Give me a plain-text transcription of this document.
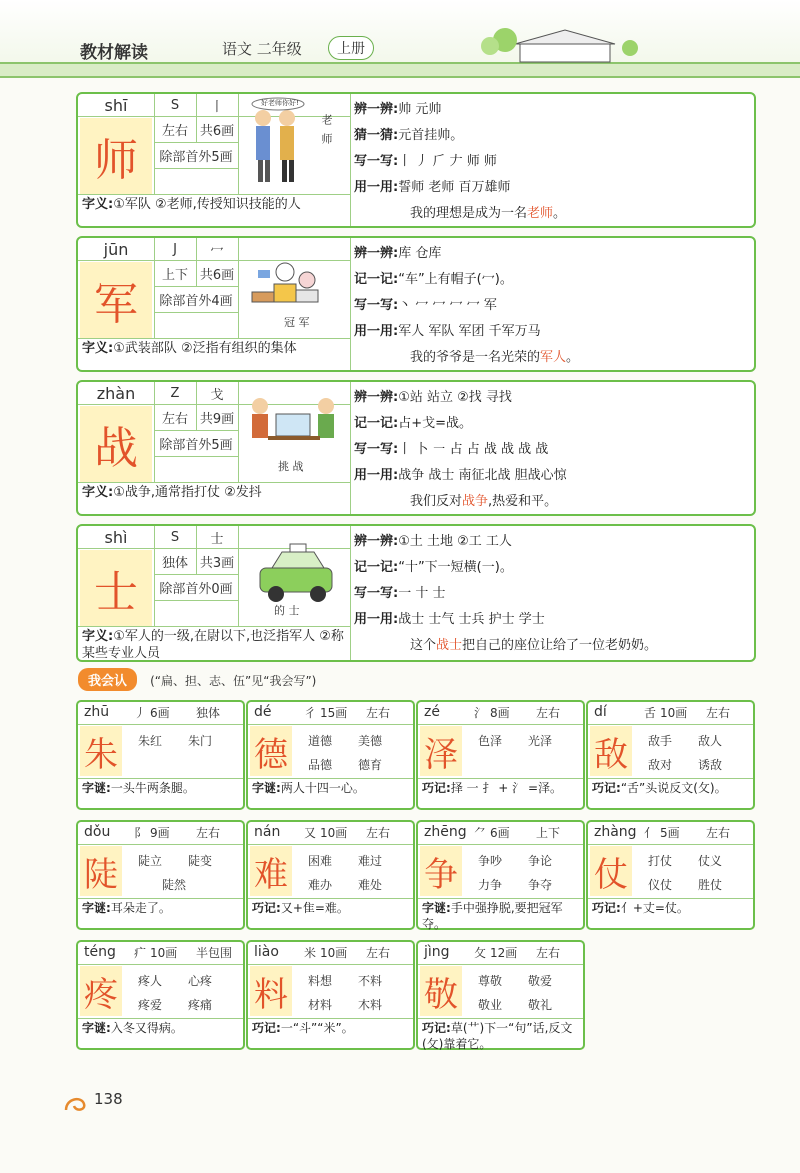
教材解读	语文 二年级	上册
shī	S	丨
师
左右 共6画
除部首外5画
好老师你好!
老师
字义:①军队 ②老师,传授知识技能的人
辨一辨:帅 元帅
猜一猜:元首挂帅。
写一写:丨 丿 𠂆 𠂇 师 师
用一用:誓师 老师 百万雄师
我的理想是成为一名老师。
jūn	J	冖
军
上下 共6画
除部首外4画
冠 军
字义:①武装部队 ②泛指有组织的集体
辨一辨:库 仓库
记一记:“车”上有帽子(冖)。
写一写:丶 冖 冖 冖 冖 军
用一用:军人 军队 军团 千军万马
我的爷爷是一名光荣的军人。
zhàn	Z	戈
战
左右 共9画
除部首外5画
挑 战
字义:①战争,通常指打仗 ②发抖
辨一辨:①站 站立 ②找 寻找
记一记:占+戈=战。
写一写:丨 卜 ㇐ 占 占 战 战 战 战
用一用:战争 战士 南征北战 胆战心惊
我们反对战争,热爱和平。
shì	S	士
士
独体 共3画
除部首外0画
的 士
字义:①军人的一级,在尉以下,也泛指军人 ②称某些专业人员
辨一辨:①土 土地 ②工 工人
记一记:“十”下一短横(一)。
写一写:一 十 士
用一用:战士 士气 士兵 护士 学士
这个战士把自己的座位让给了一位老奶奶。
我会认 (“扁、担、志、伍”见“我会写”)
zhū 丿 6画 独体
朱	朱红 朱门
字谜:一头牛两条腿。
dé	彳 15画 左右
德	道德 美德
品德 德育
字谜:两人十四一心。
zé	氵 8画 左右
泽	色泽 光泽
巧记:择 一 扌 + 氵 =泽。
dí	舌 10画 左右
敌	敌手 敌人
敌对 诱敌
巧记:“舌”头说反文(攵)。
dǒu 阝 9画 左右
陡	陡立 陡变
陡然
字谜:耳朵走了。
nán 又 10画 左右
难	困难 难过
难办 难处
巧记:又+隹=难。
zhēng ⺈ 6画 上下
争	争吵 争论
力争 争夺
字谜:手中强挣脱,要把冠军夺。
zhàng 亻 5画 左右
仗	打仗 仗义
仪仗 胜仗
巧记:亻+丈=仗。
téng 疒 10画 半包围
疼	疼人 心疼
疼爱 疼痛
字谜:入冬又得病。
liào 米 10画 左右
料	料想 不料
材料 木料
巧记:一“斗”“米”。
jìng 攵 12画 左右
敬	尊敬 敬爱
敬业 敬礼
巧记:草(艹)下一“句”话,反文(攵)靠着它。
138
